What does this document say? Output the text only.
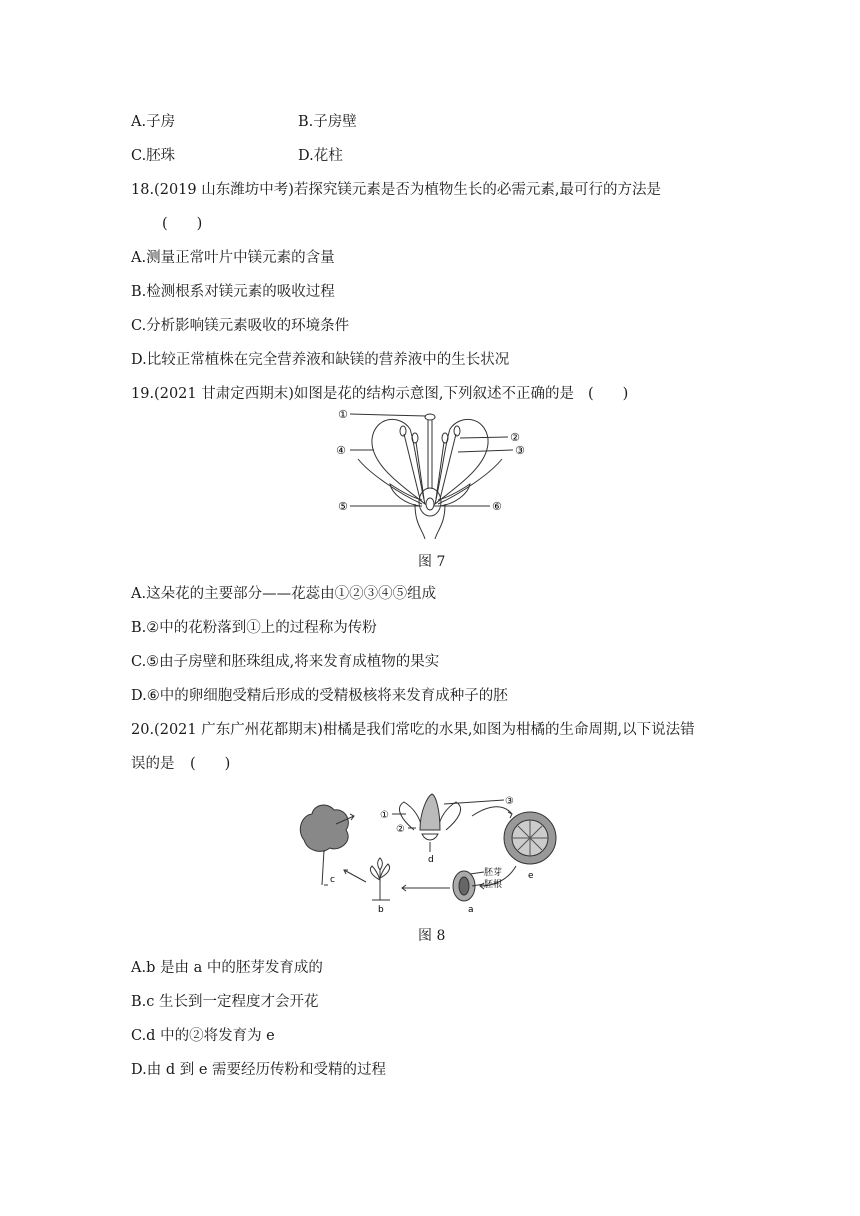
A.子房	B.子房壁
C.胚珠	D.花柱
18.(2019 山东潍坊中考)若探究镁元素是否为植物生长的必需元素,最可行的方法是
(　　)
A.测量正常叶片中镁元素的含量
B.检测根系对镁元素的吸收过程
C.分析影响镁元素吸收的环境条件
D.比较正常植株在完全营养液和缺镁的营养液中的生长状况
19.(2021 甘肃定西期末)如图是花的结构示意图,下列叙述不正确的是 (　　)
①
②
③
④
⑤	⑥
图 7
A.这朵花的主要部分——花蕊由①②③④⑤组成
B.②中的花粉落到①上的过程称为传粉
C.⑤由子房壁和胚珠组成,将来发育成植物的果实
D.⑥中的卵细胞受精后形成的受精极核将来发育成种子的胚
20.(2021 广东广州花都期末)柑橘是我们常吃的水果,如图为柑橘的生命周期,以下说法错
误的是 (　　)
①
②
③
胚芽
胚根
a
b
c
d
e
图 8
A.b 是由 a 中的胚芽发育成的
B.c 生长到一定程度才会开花
C.d 中的②将发育为 e
D.由 d 到 e 需要经历传粉和受精的过程
